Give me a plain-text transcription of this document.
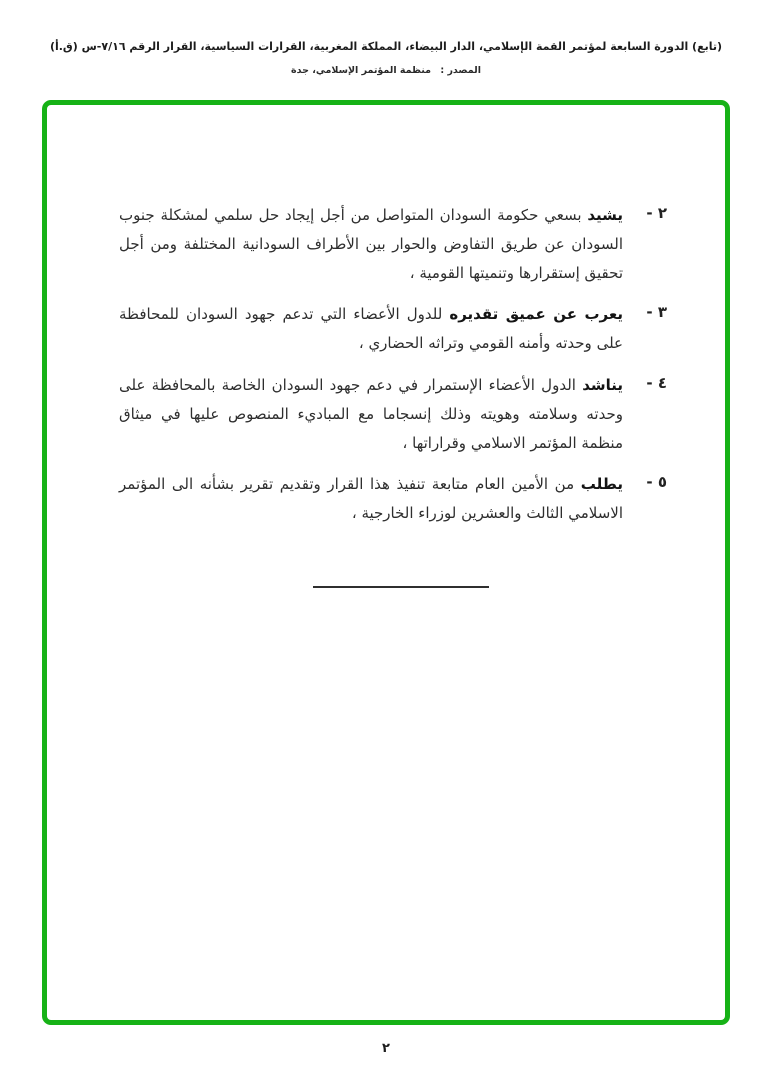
(تابع) الدورة السابعة لمؤتمر القمة الإسلامي، الدار البيضاء، المملكة المغربية، القرارات السياسية، القرار الرقم ٧/١٦-س (ق.أ)
المصدر : منظمة المؤتمر الإسلامي، جدة
٢ -

يشيد بسعي حكومة السودان المتواصل من أجل إيجاد حل سلمي لمشكلة جنوب السودان عن طريق التفاوض والحوار بين الأطراف السودانية المختلفة ومن أجل تحقيق إستقرارها وتنميتها القومية ،

٣ -

يعرب عن عميق تقديره للدول الأعضاء التي تدعم جهود السودان للمحافظة على وحدته وأمنه القومي وتراثه الحضاري ،

٤ -

يناشد الدول الأعضاء الإستمرار في دعم جهود السودان الخاصة بالمحافظة على وحدته وسلامته وهويته وذلك إنسجاما مع المباديء المنصوص عليها في ميثاق منظمة المؤتمر الاسلامي وقراراتها ،

٥ -

يطلب من الأمين العام متابعة تنفيذ هذا القرار وتقديم تقرير بشأنه الى المؤتمر الاسلامي الثالث والعشرين لوزراء الخارجية ،

٢
